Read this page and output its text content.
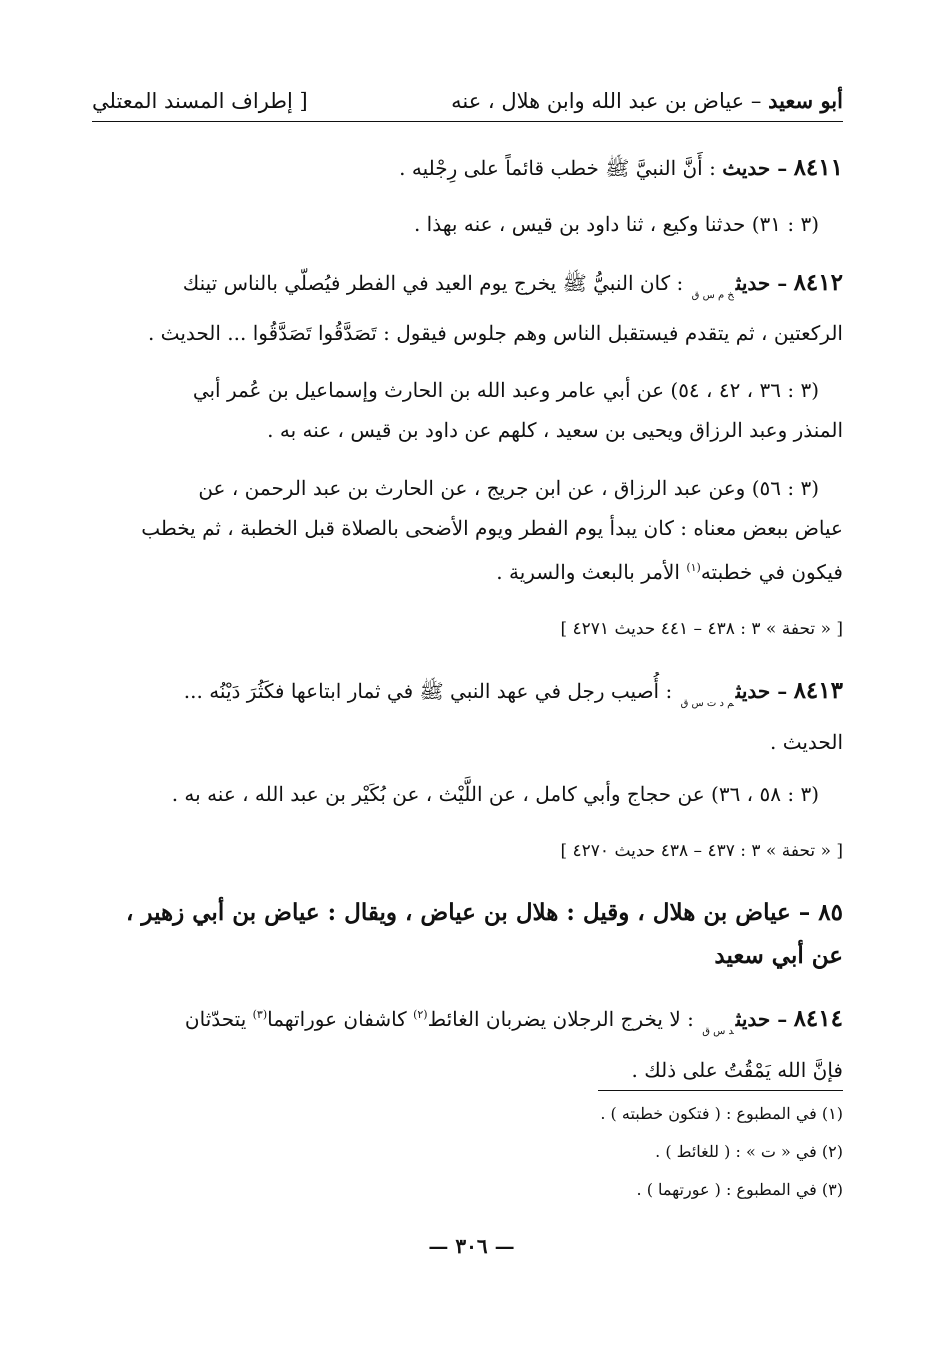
أبو سعيد – عياض بن عبد الله وابن هلال ، عنه
[ إطراف المسند المعتلي
٨٤١١ – حديث : أَنَّ النبيَّ ﷺ خطب قائماً على رِجْليه .
(٣ : ٣١) حدثنا وكيع ، ثنا داود بن قيس ، عنه بهذا .
٨٤١٢ – حديث$_{خ م س ق}$ : كان النبيُّ ﷺ يخرج يوم العيد في الفطر فيُصلّي بالناس تينك
الركعتين ، ثم يتقدم فيستقبل الناس وهم جلوس فيقول : تَصَدَّقُوا تَصَدَّقُوا ... الحديث .
(٣ : ٣٦ ، ٤٢ ، ٥٤) عن أبي عامر وعبد الله بن الحارث وإسماعيل بن عُمر أبي
المنذر وعبد الرزاق ويحيى بن سعيد ، كلهم عن داود بن قيس ، عنه به .
(٣ : ٥٦) وعن عبد الرزاق ، عن ابن جريج ، عن الحارث بن عبد الرحمن ، عن
عياض ببعض معناه : كان يبدأ يوم الفطر ويوم الأضحى بالصلاة قبل الخطبة ، ثم يخطب
فيكون في خطبته$^{(١)}$ الأمر بالبعث والسرية .
[ « تحفة » ٣ : ٤٣٨ – ٤٤١ حديث ٤٢٧١ ]
٨٤١٣ – حديث$_{م د ت س ق}$ : أُصيب رجل في عهد النبي ﷺ في ثمار ابتاعها فكَثُرَ دَيْنُه ...
الحديث .
(٣ : ٥٨ ، ٣٦) عن حجاج وأبي كامل ، عن اللَّيْث ، عن بُكَيْر بن عبد الله ، عنه به .
[ « تحفة » ٣ : ٤٣٧ – ٤٣٨ حديث ٤٢٧٠ ]
٨٥ – عياض بن هلال ، وقيل : هلال بن عياض ، ويقال : عياض بن أبي زهير ،
عن أبي سعيد
٨٤١٤ – حديث$_{د س ق}$ : لا يخرج الرجلان يضربان الغائط$^{(٢)}$ كاشفان عوراتهما$^{(٣)}$ يتحدّثان
فإنَّ الله يَمْقُتُ على ذلك .
(١) في المطبوع : ( فتكون خطبته ) .
(٢) في « ت » : ( للغائط ) .
(٣) في المطبوع : ( عورتهما ) .
— ٣٠٦ —
